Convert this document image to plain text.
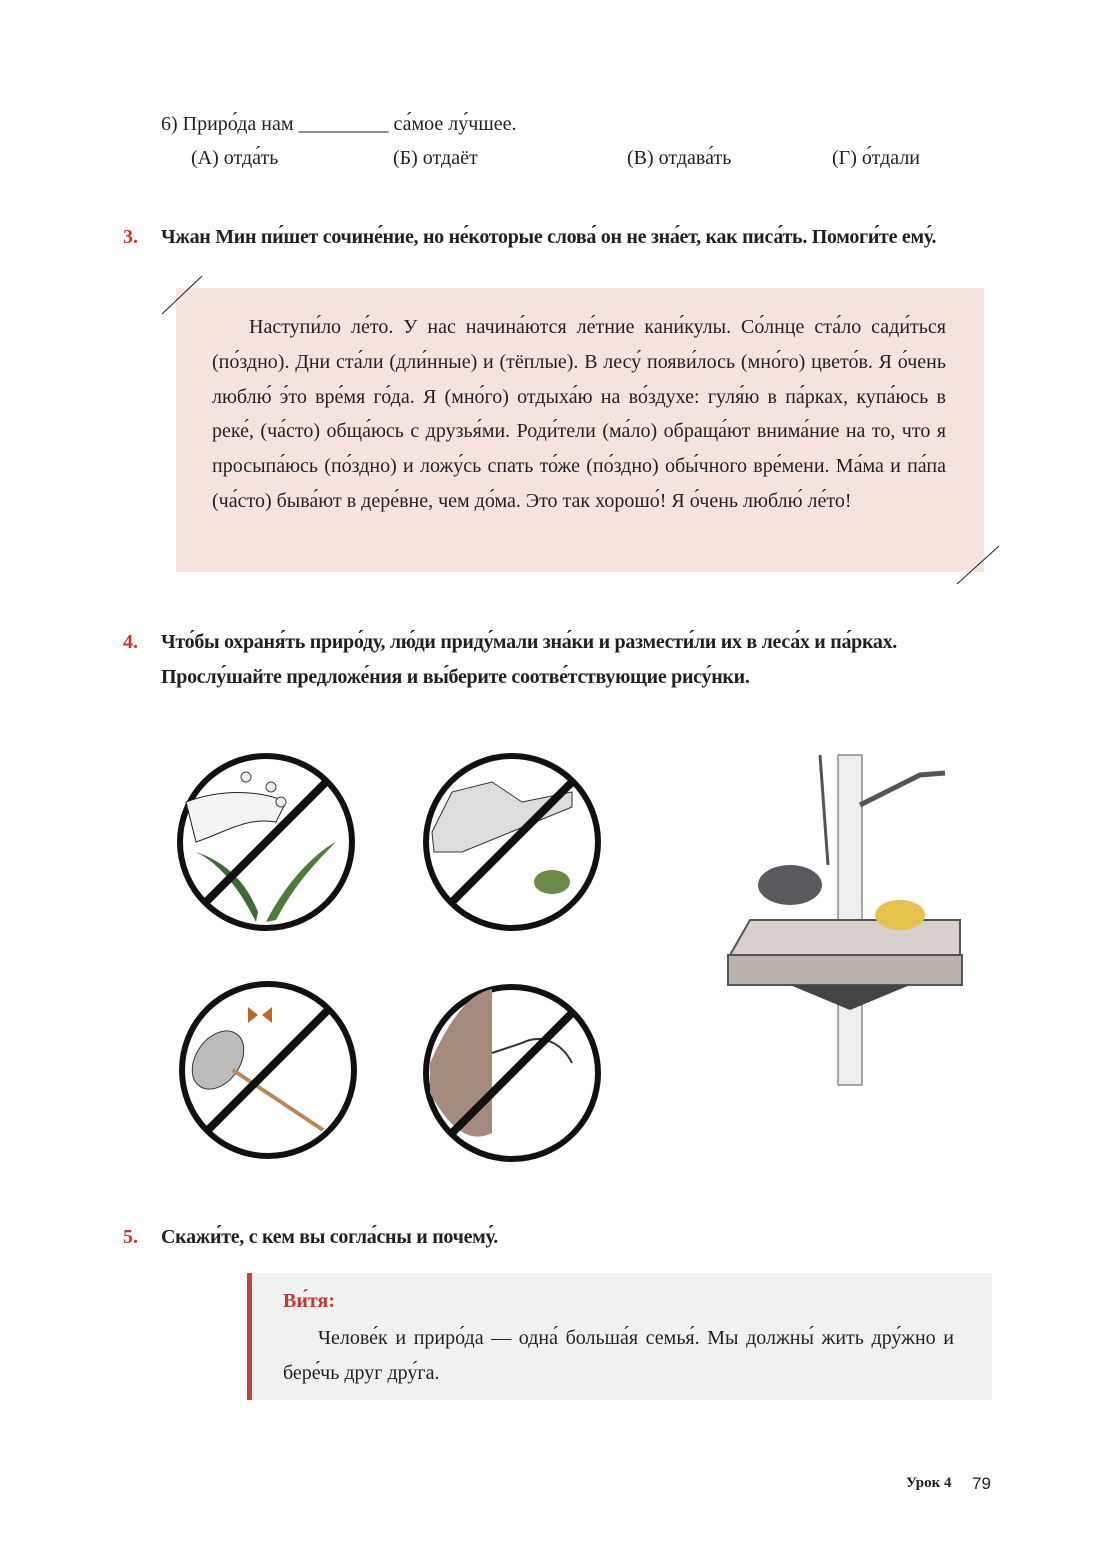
6) Приро́да нам _________ са́мое лу́чшее.
(А) отда́ть	(Б) отдаёт	(В) отдава́ть	(Г) о́тдали
3. Чжан Мин пи́шет сочине́ние, но не́которые слова́ он не зна́ет, как писа́ть. Помоги́те ему́.

Наступи́ло ле́то. У нас начина́ются ле́тние кани́кулы. Со́лнце ста́ло сади́ться (по́здно). Дни ста́ли (дли́нные) и (тёплые). В лесу́ появи́лось (мно́го) цвето́в. Я о́чень люблю́ э́то вре́мя го́да. Я (мно́го) отдыха́ю на во́здухе: гуля́ю в па́рках, купа́юсь в реке́, (ча́сто) обща́юсь с друзья́ми. Роди́тели (ма́ло) обраща́ют внима́ние на то, что я просыпа́юсь (по́здно) и ложу́сь спать то́же (по́здно) обы́чного вре́мени. Ма́ма и па́па (ча́сто) быва́ют в дере́вне, чем до́ма. Это так хорошо́! Я о́чень люблю́ ле́то!

4. Что́бы охраня́ть приро́ду, лю́ди приду́мали зна́ки и размести́ли их в леса́х и па́рках.
Прослу́шайте предложе́ния и вы́берите соотве́тствующие рису́нки.
5. Скажи́те, с кем вы согла́сны и почему́.
Ви́тя:
Челове́к и приро́да — одна́ больша́я семья́. Мы должны́ жить дру́жно и бере́чь друг дру́га.
Урок 4 79
